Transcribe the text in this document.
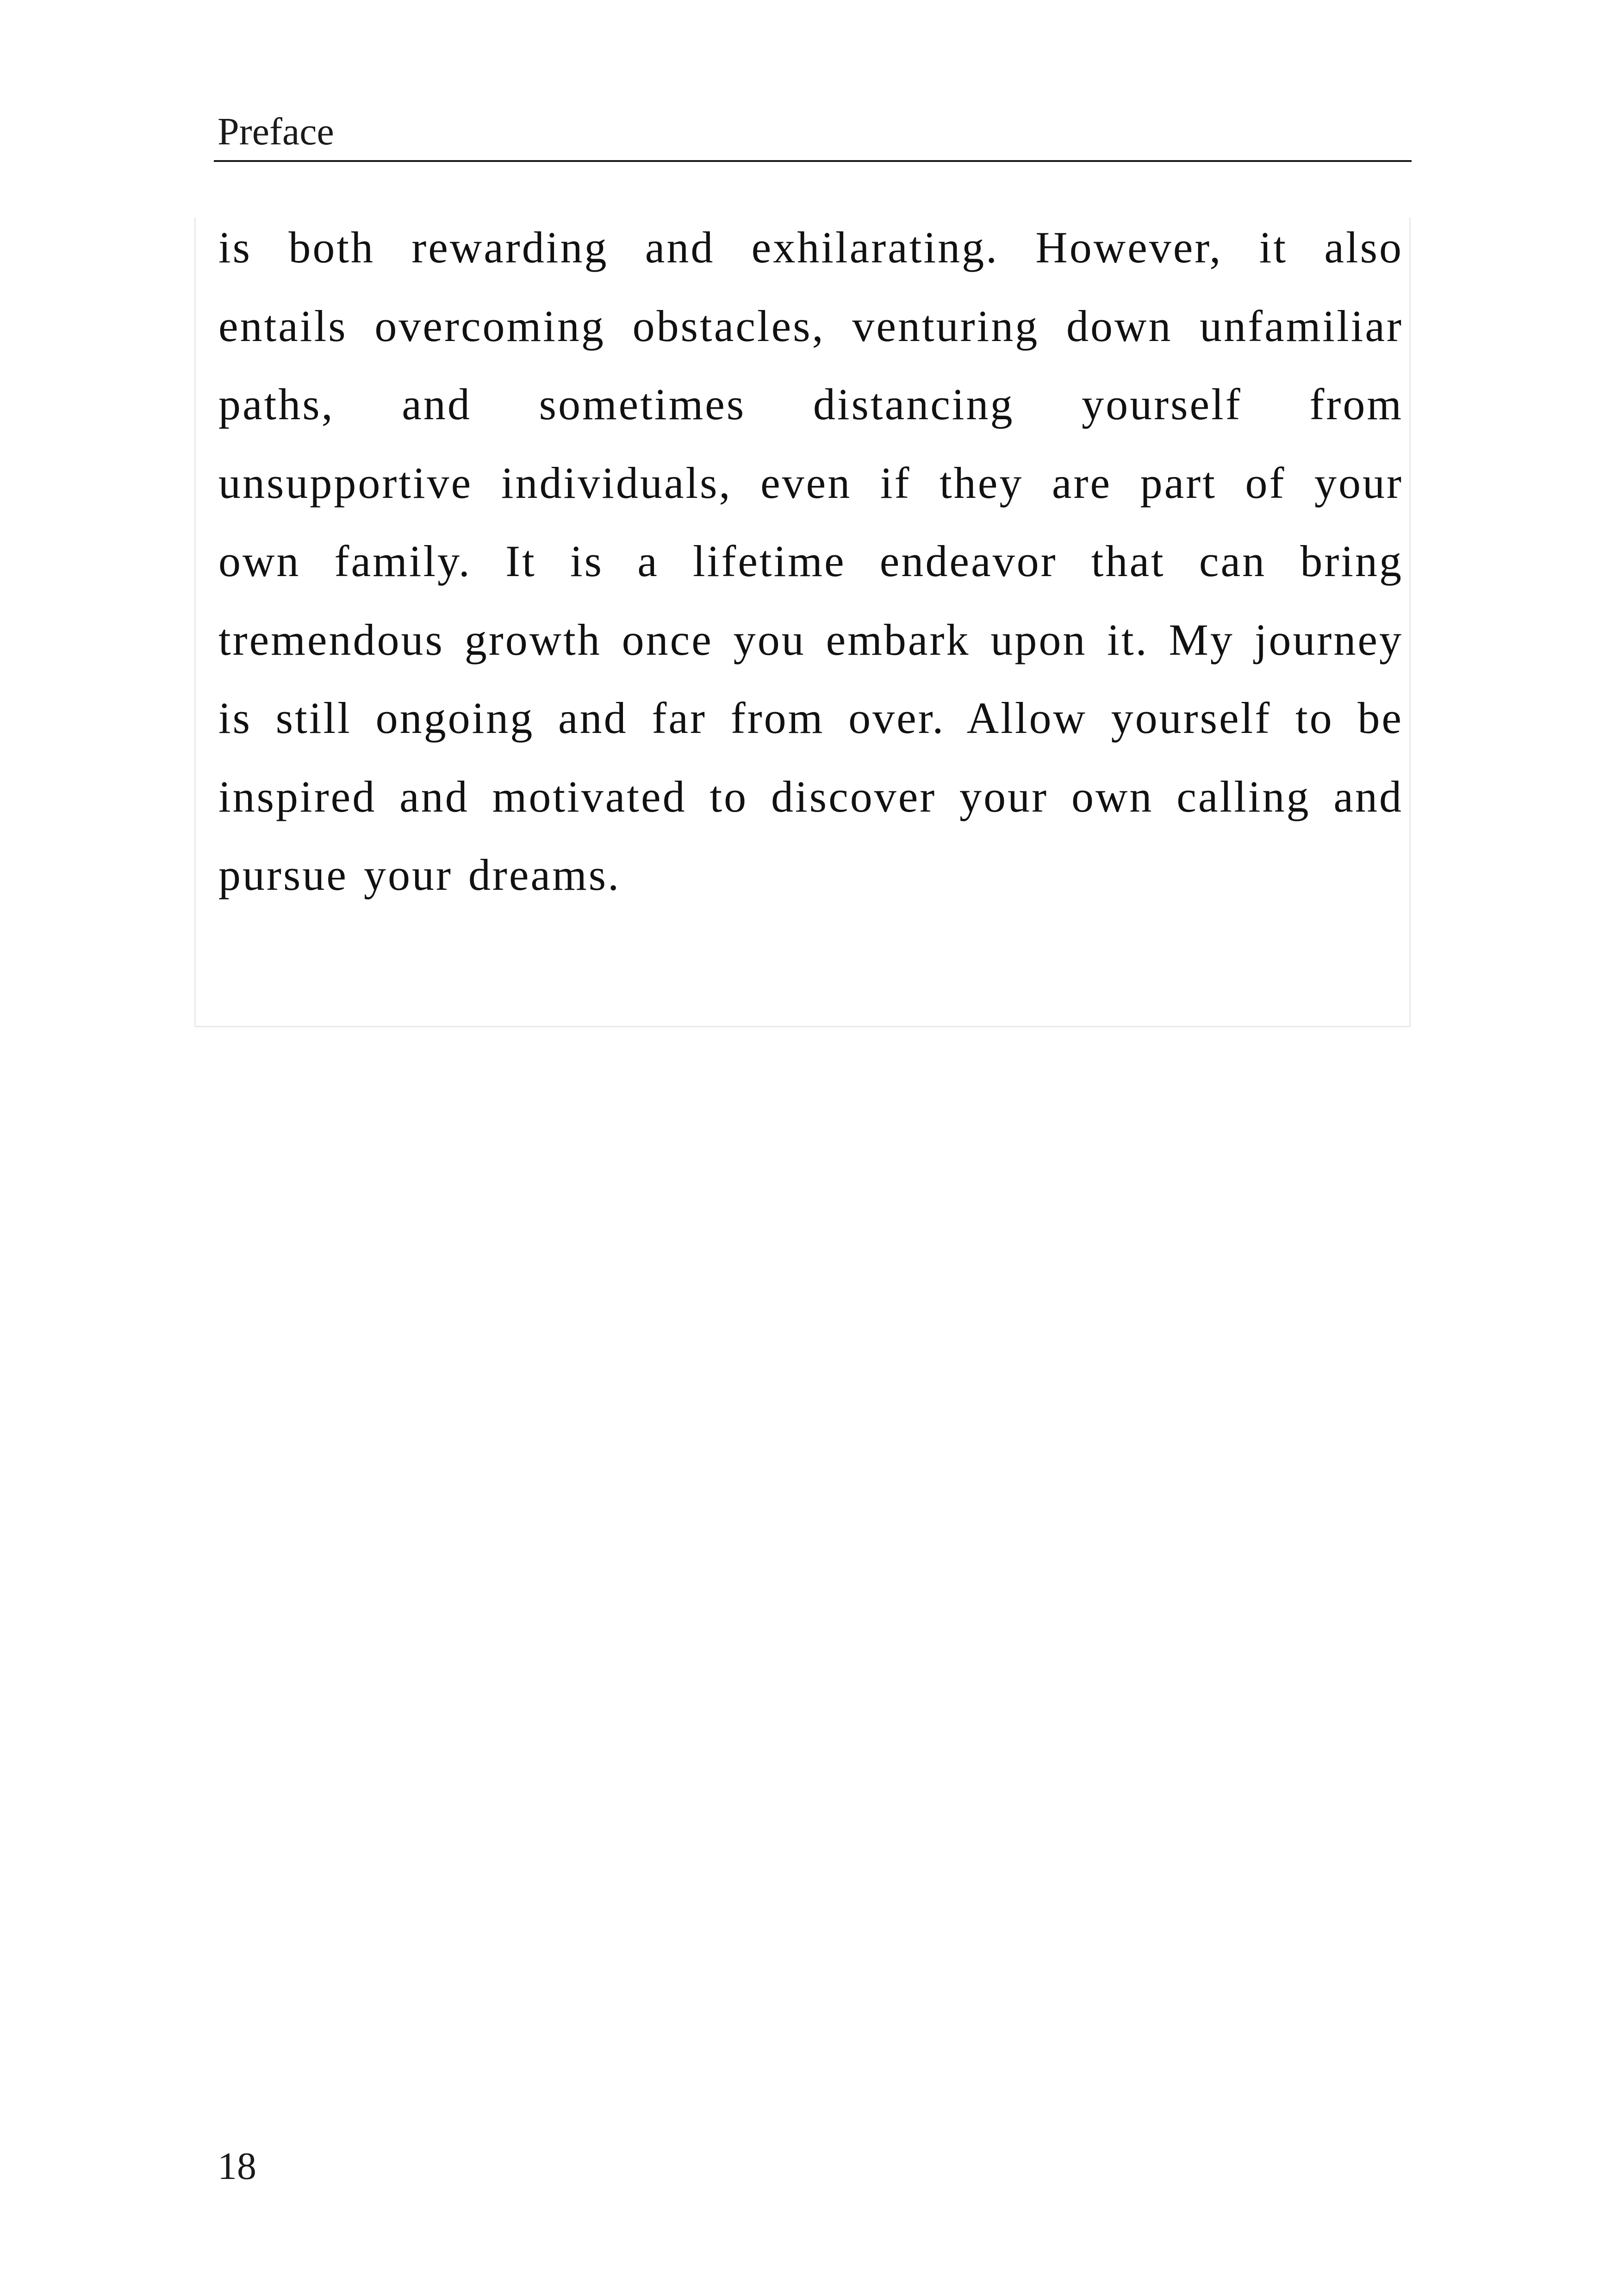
Preface
is both rewarding and exhilarating. However, it also
entails overcoming obstacles, venturing down unfamiliar
paths, and sometimes distancing yourself from
unsupportive individuals, even if they are part of your
own family. It is a lifetime endeavor that can bring
tremendous growth once you embark upon it. My journey
is still ongoing and far from over. Allow yourself to be
inspired and motivated to discover your own calling and
pursue your dreams.
18
